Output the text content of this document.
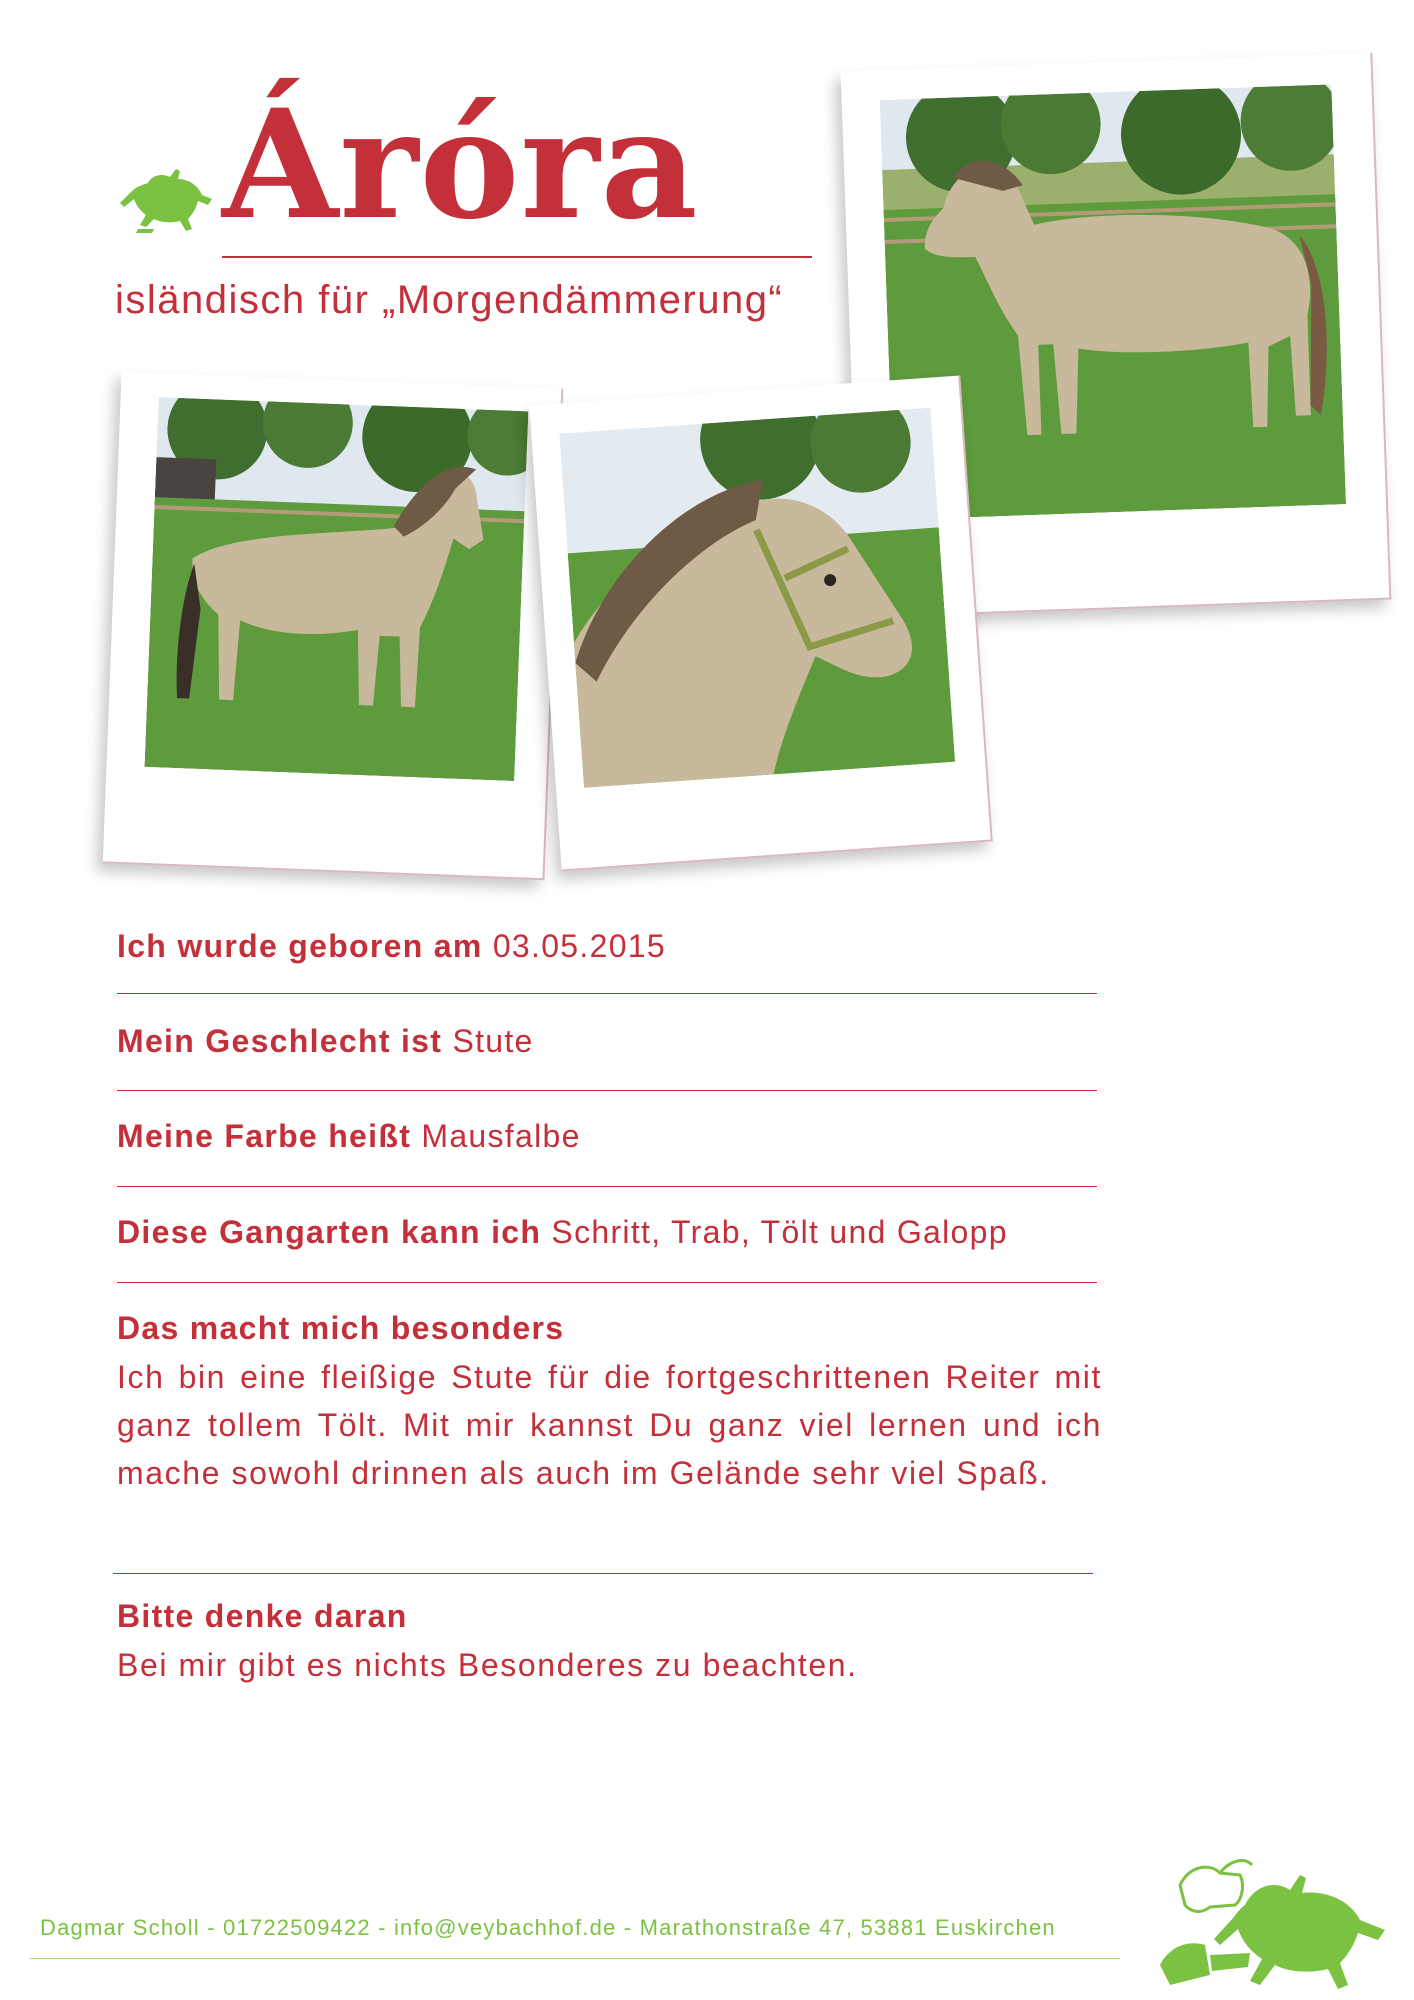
Áróra
isländisch für „Morgendämmerung“
Ich wurde geboren am 03.05.2015
Mein Geschlecht ist Stute
Meine Farbe heißt Mausfalbe
Diese Gangarten kann ich Schritt, Trab, Tölt und Galopp
Das macht mich besonders

Ich bin eine fleißige Stute für die fortgeschrittenen Reiter mit ganz tollem Tölt. Mit mir kannst Du ganz viel lernen und ich mache sowohl drinnen als auch im Gelände sehr viel Spaß.

Bitte denke daran

Bei mir gibt es nichts Besonderes zu beachten.

Dagmar Scholl - 01722509422 - info@veybachhof.de - Marathonstraße 47, 53881 Euskirchen
